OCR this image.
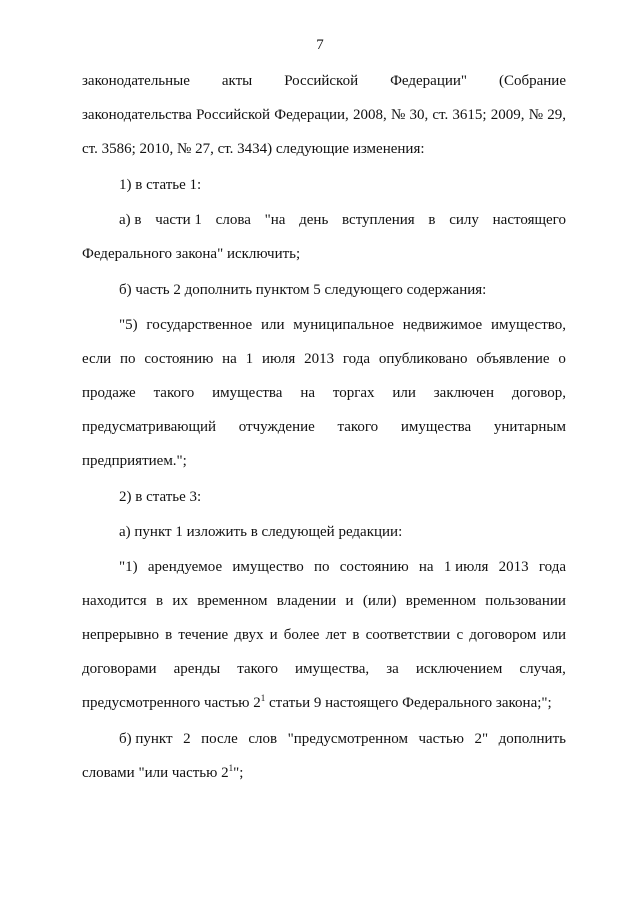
7
законодательные акты Российской Федерации" (Собрание
законодательства Российской Федерации, 2008, № 30, ст. 3615; 2009, № 29,
ст. 3586; 2010, № 27, ст. 3434) следующие изменения:
1) в статье 1:
а) в части 1 слова "на день вступления в силу настоящего
Федерального закона" исключить;
б) часть 2 дополнить пунктом 5 следующего содержания:
"5) государственное или муниципальное недвижимое имущество,
если по состоянию на 1 июля 2013 года опубликовано объявление о
продаже такого имущества на торгах или заключен договор,
предусматривающий отчуждение такого имущества унитарным
предприятием.";
2) в статье 3:
а) пункт 1 изложить в следующей редакции:
"1) арендуемое имущество по состоянию на 1 июля 2013 года
находится в их временном владении и (или) временном пользовании
непрерывно в течение двух и более лет в соответствии с договором или
договорами аренды такого имущества, за исключением случая,
предусмотренного частью $2^1$ статьи 9 настоящего Федерального закона;";
б) пункт 2 после слов "предусмотренном частью 2" дополнить
словами "или частью $2^1$";
